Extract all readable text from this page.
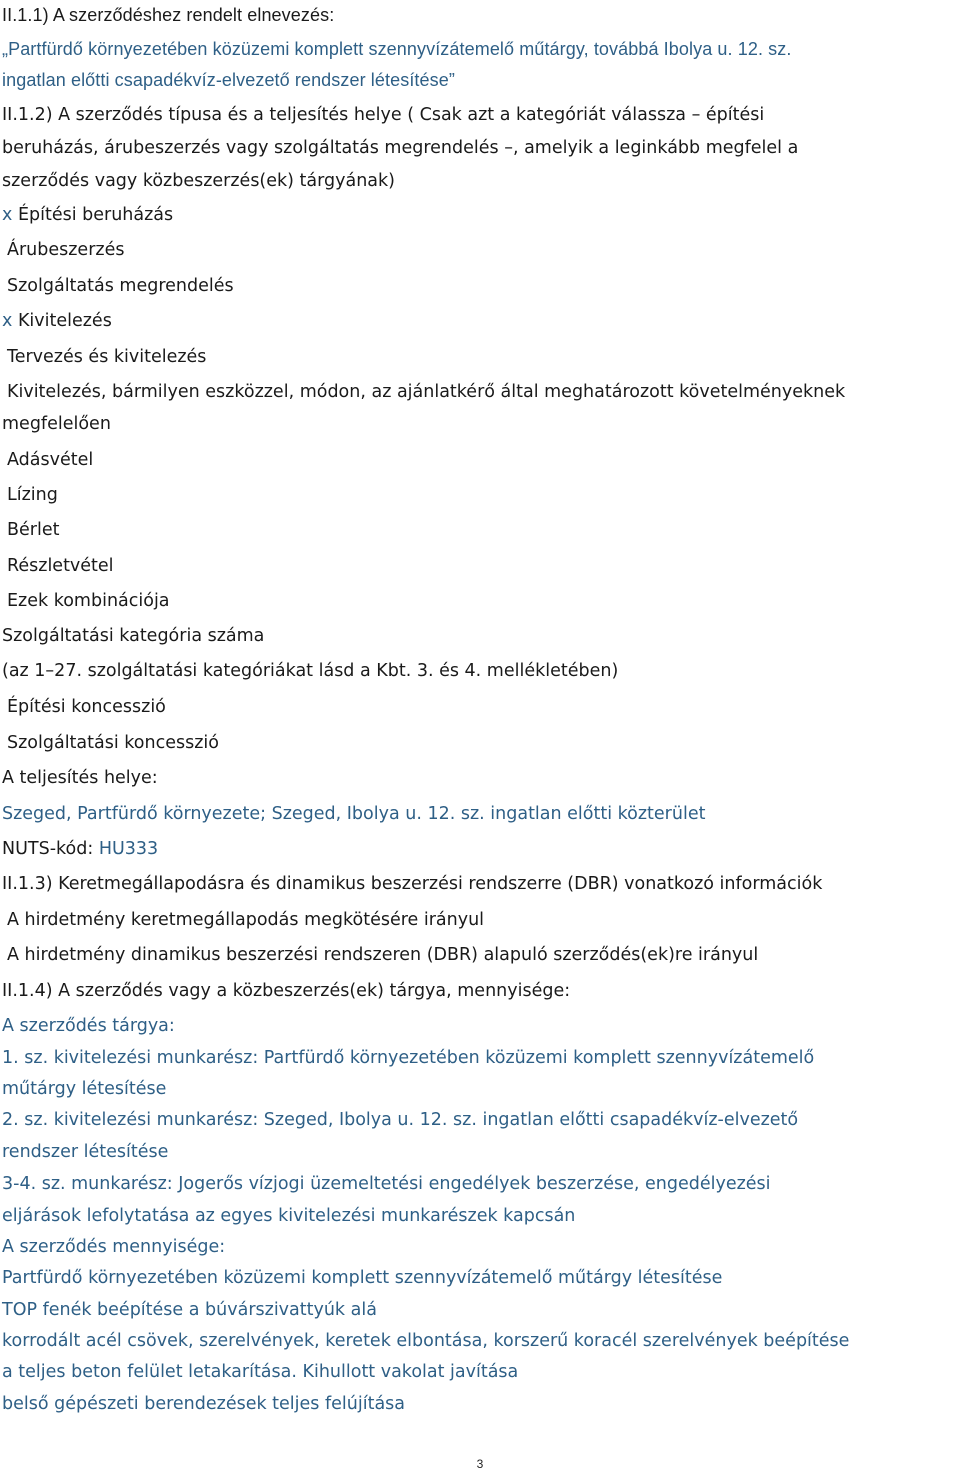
II.1.1) A szerződéshez rendelt elnevezés:
„Partfürdő környezetében közüzemi komplett szennyvízátemelő műtárgy, továbbá Ibolya u. 12. sz.
ingatlan előtti csapadékvíz-elvezető rendszer létesítése”
II.1.2) A szerződés típusa és a teljesítés helye ( Csak azt a kategóriát válassza – építési
beruházás, árubeszerzés vagy szolgáltatás megrendelés –, amelyik a leginkább megfelel a
szerződés vagy közbeszerzés(ek) tárgyának)
x Építési beruházás
Árubeszerzés
Szolgáltatás megrendelés
x Kivitelezés
Tervezés és kivitelezés
Kivitelezés, bármilyen eszközzel, módon, az ajánlatkérő által meghatározott követelményeknek
megfelelően
Adásvétel
Lízing
Bérlet
Részletvétel
Ezek kombinációja
Szolgáltatási kategória száma
(az 1–27. szolgáltatási kategóriákat lásd a Kbt. 3. és 4. mellékletében)
Építési koncesszió
Szolgáltatási koncesszió
A teljesítés helye:
Szeged, Partfürdő környezete; Szeged, Ibolya u. 12. sz. ingatlan előtti közterület
NUTS-kód: HU333
II.1.3) Keretmegállapodásra és dinamikus beszerzési rendszerre (DBR) vonatkozó információk
A hirdetmény keretmegállapodás megkötésére irányul
A hirdetmény dinamikus beszerzési rendszeren (DBR) alapuló szerződés(ek)re irányul
II.1.4) A szerződés vagy a közbeszerzés(ek) tárgya, mennyisége:
A szerződés tárgya:
1. sz. kivitelezési munkarész: Partfürdő környezetében közüzemi komplett szennyvízátemelő
műtárgy létesítése
2. sz. kivitelezési munkarész: Szeged, Ibolya u. 12. sz. ingatlan előtti csapadékvíz-elvezető
rendszer létesítése
3-4. sz. munkarész: Jogerős vízjogi üzemeltetési engedélyek beszerzése, engedélyezési
eljárások lefolytatása az egyes kivitelezési munkarészek kapcsán
A szerződés mennyisége:
Partfürdő környezetében közüzemi komplett szennyvízátemelő műtárgy létesítése
TOP fenék beépítése a búvárszivattyúk alá
korrodált acél csövek, szerelvények, keretek elbontása, korszerű koracél szerelvények beépítése
a teljes beton felület letakarítása. Kihullott vakolat javítása
belső gépészeti berendezések teljes felújítása
3
